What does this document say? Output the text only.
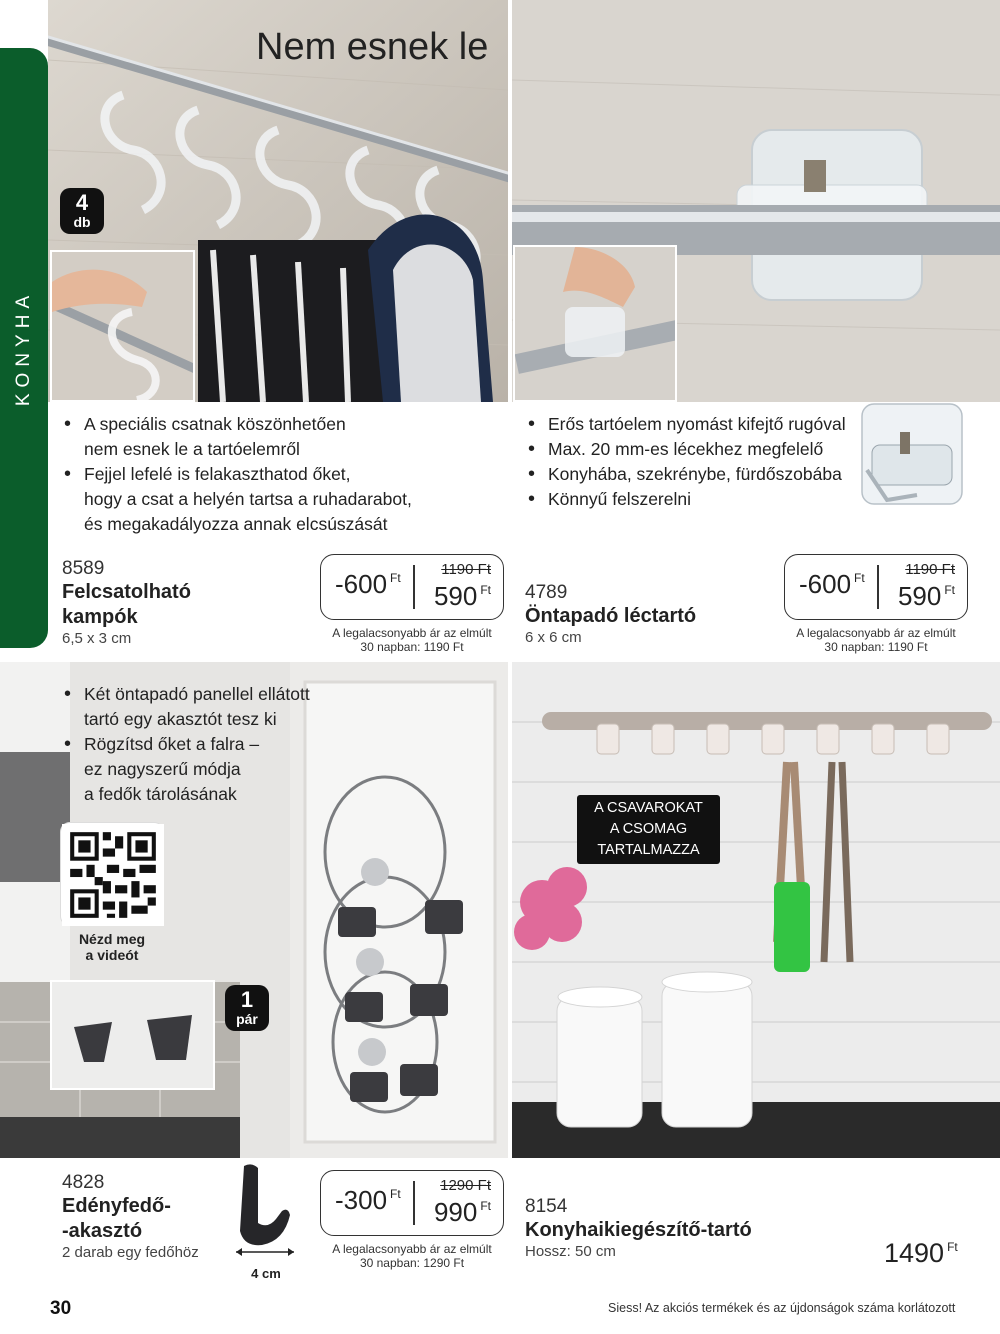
KONYHA
Nem esnek le
4
db
• A speciális csatnak köszönhetően
nem esnek le a tartóelemről
• Fejjel lefelé is felakaszthatod őket,
hogy a csat a helyén tartsa a ruhadarabot,
és megakadályozza annak elcsúszását
8589
Felcsatolható
kampók
6,5 x 3 cm
-600 $^{Ft}$	1190 Ft
590 $^{Ft}$
A legalacsonyabb ár az elmúlt
30 napban: 1190 Ft
• Erős tartóelem nyomást kifejtő rugóval
• Max. 20 mm-es lécekhez megfelelő
• Konyhába, szekrénybe, fürdőszobába
• Könnyű felszerelni
4789
Öntapadó léctartó
6 x 6 cm
-600 $^{Ft}$	1190 Ft
590 $^{Ft}$
A legalacsonyabb ár az elmúlt
30 napban: 1190 Ft
• Két öntapadó panellel ellátott
tartó egy akasztót tesz ki
• Rögzítsd őket a falra –
ez nagyszerű módja
a fedők tárolásának
Nézd meg
a videót
1
pár
4828
Edényfedő-
-akasztó
2 darab egy fedőhöz
4 cm
-300 $^{Ft}$	1290 Ft
990 $^{Ft}$
A legalacsonyabb ár az elmúlt
30 napban: 1290 Ft
A CSAVAROKAT
A CSOMAG
TARTALMAZZA
8154
Konyhaikiegészítő-tartó
Hossz: 50 cm	1490 $^{Ft}$
30	Siess! Az akciós termékek és az újdonságok száma korlátozott
